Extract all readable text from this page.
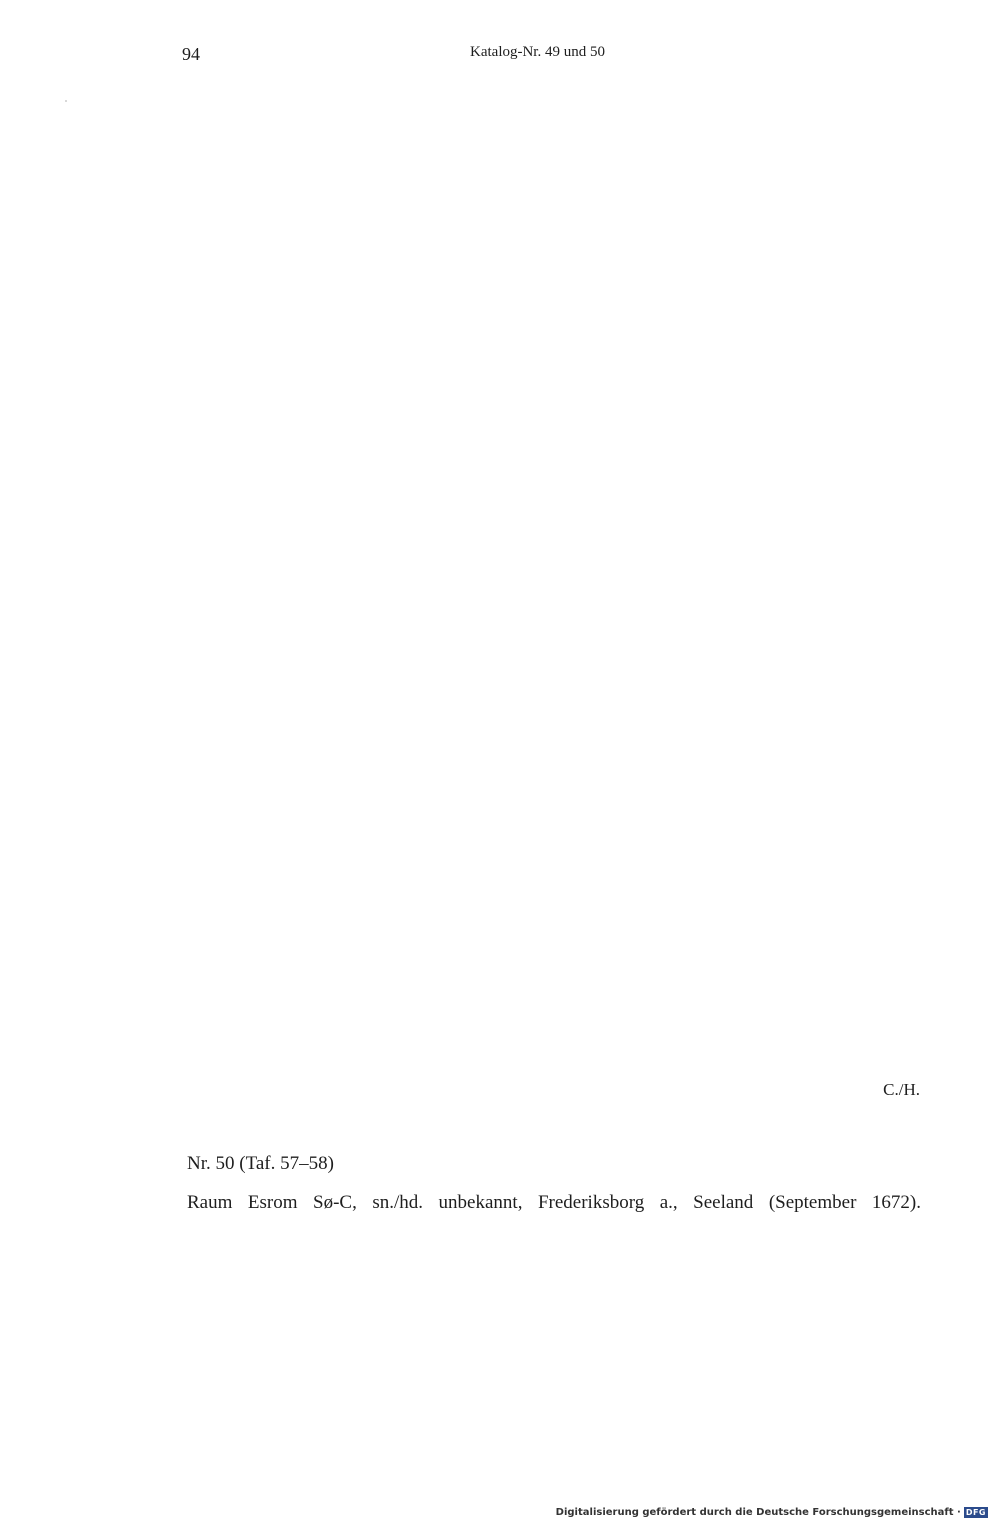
94	Katalog-Nr. 49 und 50
C./H.
Nr. 50 (Taf. 57–58)
Raum Esrom Sø-C, sn./hd. unbekannt, Frederiksborg a., Seeland (September 1672).
Digitalisierung gefördert durch die Deutsche Forschungsgemeinschaft · DFG
